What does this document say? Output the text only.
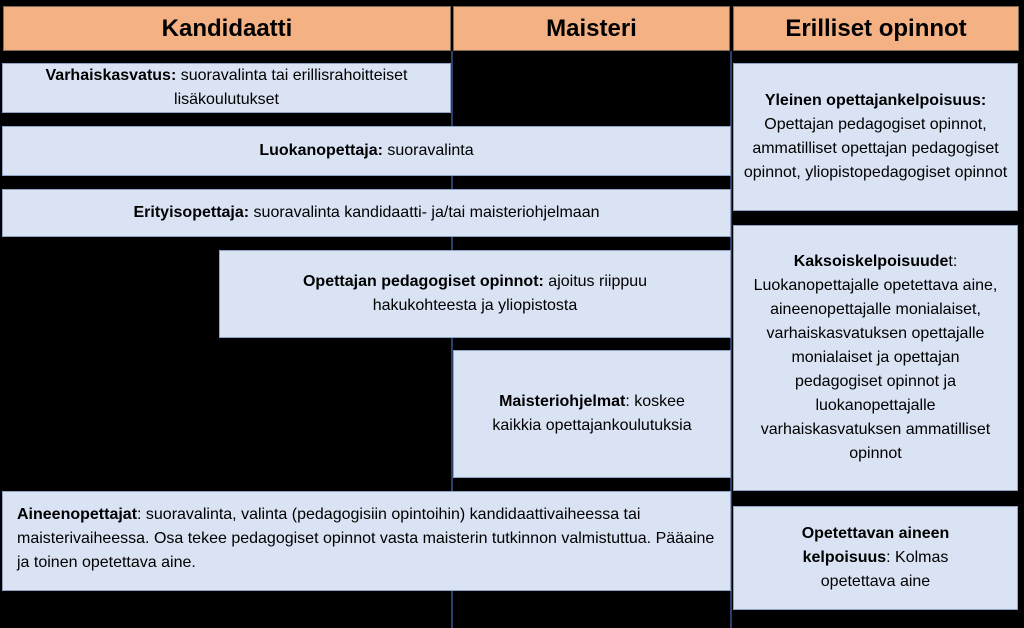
Kandidaatti	Maisteri	Erilliset opinnot
Varhaiskasvatus: suoravalinta tai erillisrahoitteiset lisäkoulutukset
Luokanopettaja: suoravalinta
Erityisopettaja: suoravalinta kandidaatti- ja/tai maisteriohjelmaan
Opettajan pedagogiset opinnot: ajoitus riippuu hakukohteesta ja yliopistosta
Maisteriohjelmat: koskee kaikkia opettajankoulutuksia
Aineenopettajat: suoravalinta, valinta (pedagogisiin opintoihin) kandidaattivaiheessa tai maisterivaiheessa. Osa tekee pedagogiset opinnot vasta maisterin tutkinnon valmistuttua. Pääaine ja toinen opetettava aine.
Yleinen opettajankelpoisuus:
Opettajan pedagogiset opinnot, ammatilliset opettajan pedagogiset opinnot, yliopistopedagogiset opinnot
Kaksoiskelpoisuudet: Luokanopettajalle opetettava aine, aineenopettajalle monialaiset, varhaiskasvatuksen opettajalle monialaiset ja opettajan pedagogiset opinnot ja luokanopettajalle varhaiskasvatuksen ammatilliset opinnot
Opetettavan aineen kelpoisuus: Kolmas opetettava aine
